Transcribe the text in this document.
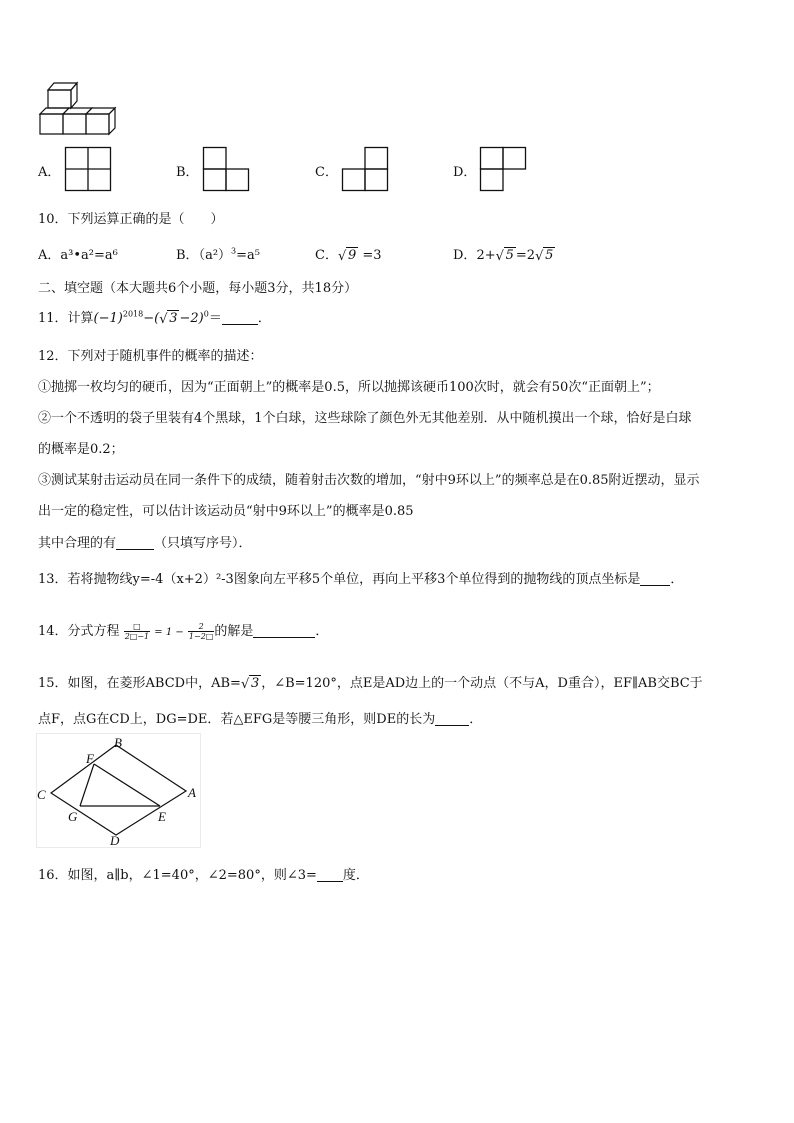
A．	B．	C．	D．
10．下列运算正确的是（　　）
A．a³•a²=a⁶	B．$(a^2)^3=a^5$	C． √ 9 =3	D．2+ √ 5 =2 √ 5
二、填空题（本大题共6个小题，每小题3分，共18分）
11．计算$(-1)^{2018}-$( √ 3 −2)$^0$＝	．
12．下列对于随机事件的概率的描述：
①抛掷一枚均匀的硬币，因为“正面朝上”的概率是0.5，所以抛掷该硬币100次时，就会有50次“正面朝上”；
②一个不透明的袋子里装有4个黑球，1个白球，这些球除了颜色外无其他差别．从中随机摸出一个球，恰好是白球
的概率是0.2；
③测试某射击运动员在同一条件下的成绩，随着射击次数的增加，“射中9环以上”的频率总是在0.85附近摆动，显示
出一定的稳定性，可以估计该运动员“射中9环以上”的概率是0.85
其中合理的有	（只填写序号）．
13．若将抛物线y=-4（x+2）²-3图象向左平移5个单位，再向上平移3个单位得到的抛物线的顶点坐标是 ．
14．分式方程	□
2□−1 = $1 - \frac{2}{1-2□}$ 的解是	．
15．如图，在菱形ABCD中，AB= √ 3 ，∠B=120°，点E是AD边上的一个动点（不与A，D重合），EF∥AB交BC于
点F，点G在CD上，DG=DE．若△EFG是等腰三角形，则DE的长为	．
B
F
C	A
G	E
D
16．如图，a∥b，∠1=40°，∠2=80°，则∠3= 度．
